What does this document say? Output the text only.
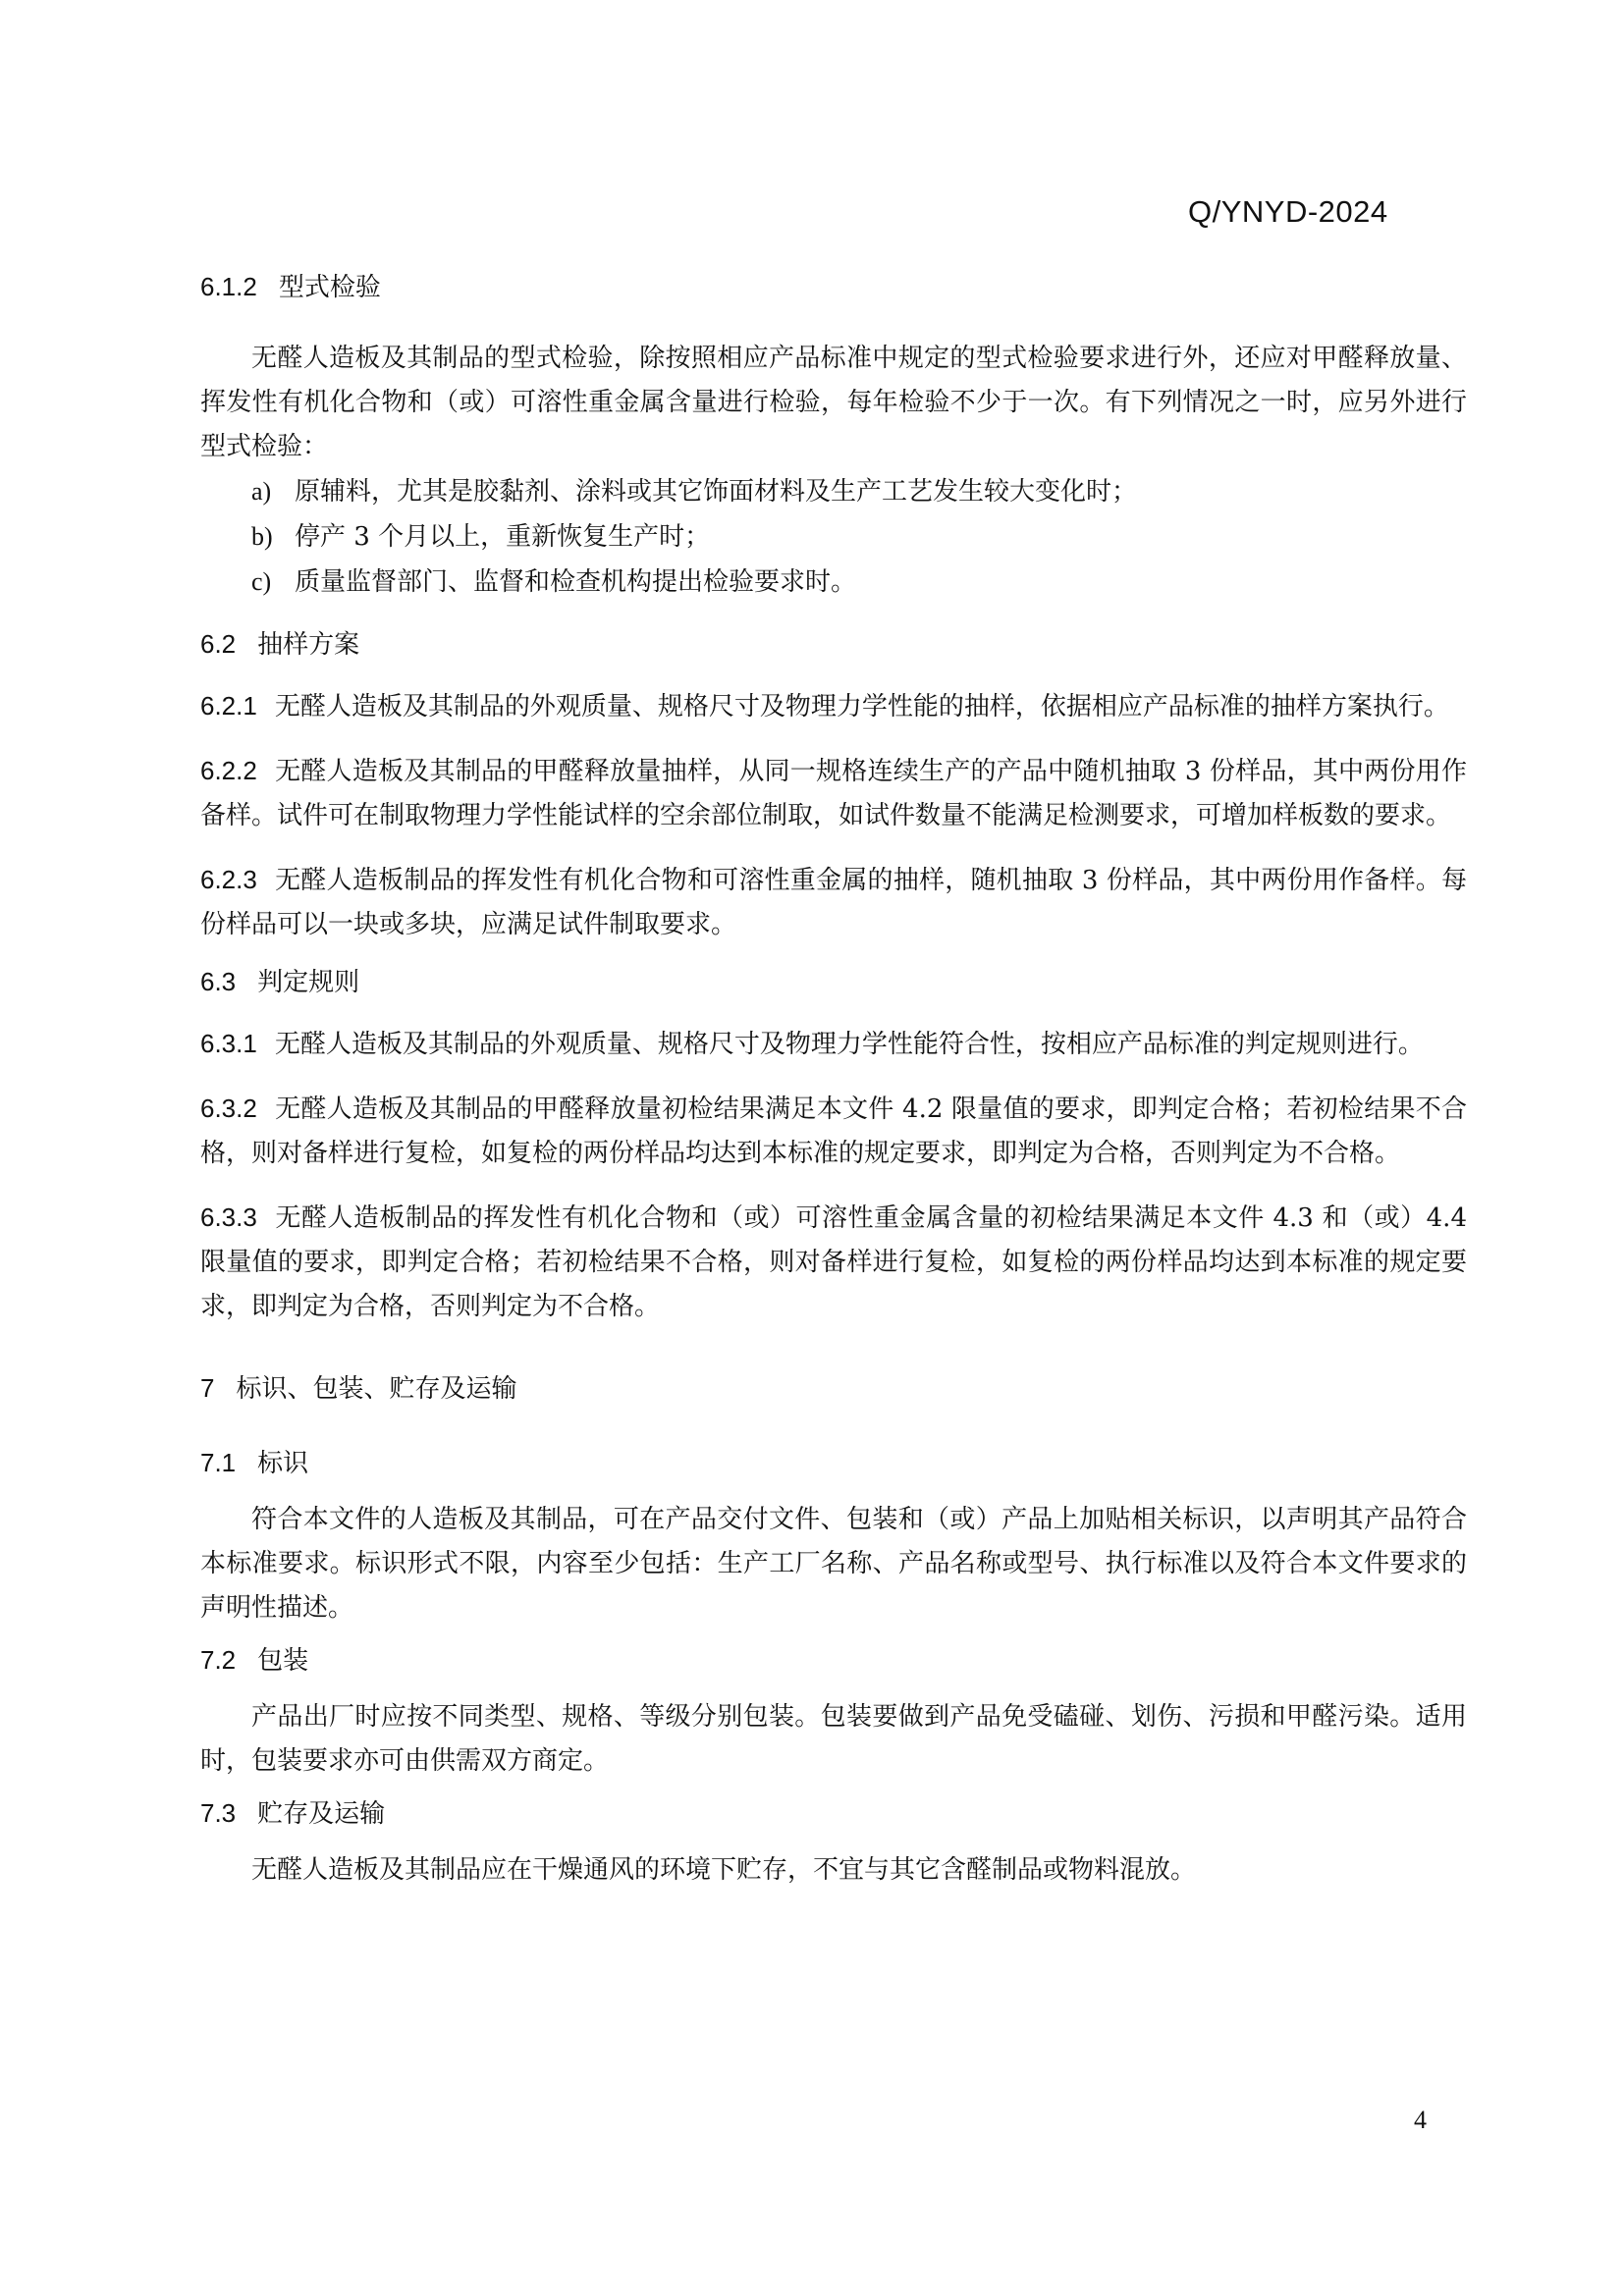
Q/YNYD-2024
6.1.2 型式检验
无醛人造板及其制品的型式检验，除按照相应产品标准中规定的型式检验要求进行外，还应对甲醛释放量、挥发性有机化合物和（或）可溶性重金属含量进行检验，每年检验不少于一次。有下列情况之一时，应另外进行型式检验：
a) 原辅料，尤其是胶黏剂、涂料或其它饰面材料及生产工艺发生较大变化时；
b) 停产 3 个月以上，重新恢复生产时；
c) 质量监督部门、监督和检查机构提出检验要求时。
6.2 抽样方案
6.2.1 无醛人造板及其制品的外观质量、规格尺寸及物理力学性能的抽样，依据相应产品标准的抽样方案执行。
6.2.2 无醛人造板及其制品的甲醛释放量抽样，从同一规格连续生产的产品中随机抽取 3 份样品，其中两份用作备样。试件可在制取物理力学性能试样的空余部位制取，如试件数量不能满足检测要求，可增加样板数的要求。
6.2.3 无醛人造板制品的挥发性有机化合物和可溶性重金属的抽样，随机抽取 3 份样品，其中两份用作备样。每份样品可以一块或多块，应满足试件制取要求。
6.3 判定规则
6.3.1 无醛人造板及其制品的外观质量、规格尺寸及物理力学性能符合性，按相应产品标准的判定规则进行。
6.3.2 无醛人造板及其制品的甲醛释放量初检结果满足本文件 4.2 限量值的要求，即判定合格；若初检结果不合格，则对备样进行复检，如复检的两份样品均达到本标准的规定要求，即判定为合格，否则判定为不合格。
6.3.3 无醛人造板制品的挥发性有机化合物和（或）可溶性重金属含量的初检结果满足本文件 4.3 和（或）4.4 限量值的要求，即判定合格；若初检结果不合格，则对备样进行复检，如复检的两份样品均达到本标准的规定要求，即判定为合格，否则判定为不合格。
7 标识、包装、贮存及运输
7.1 标识
符合本文件的人造板及其制品，可在产品交付文件、包装和（或）产品上加贴相关标识，以声明其产品符合本标准要求。标识形式不限，内容至少包括：生产工厂名称、产品名称或型号、执行标准以及符合本文件要求的声明性描述。
7.2 包装
产品出厂时应按不同类型、规格、等级分别包装。包装要做到产品免受磕碰、划伤、污损和甲醛污染。适用时，包装要求亦可由供需双方商定。
7.3 贮存及运输
无醛人造板及其制品应在干燥通风的环境下贮存，不宜与其它含醛制品或物料混放。
4
